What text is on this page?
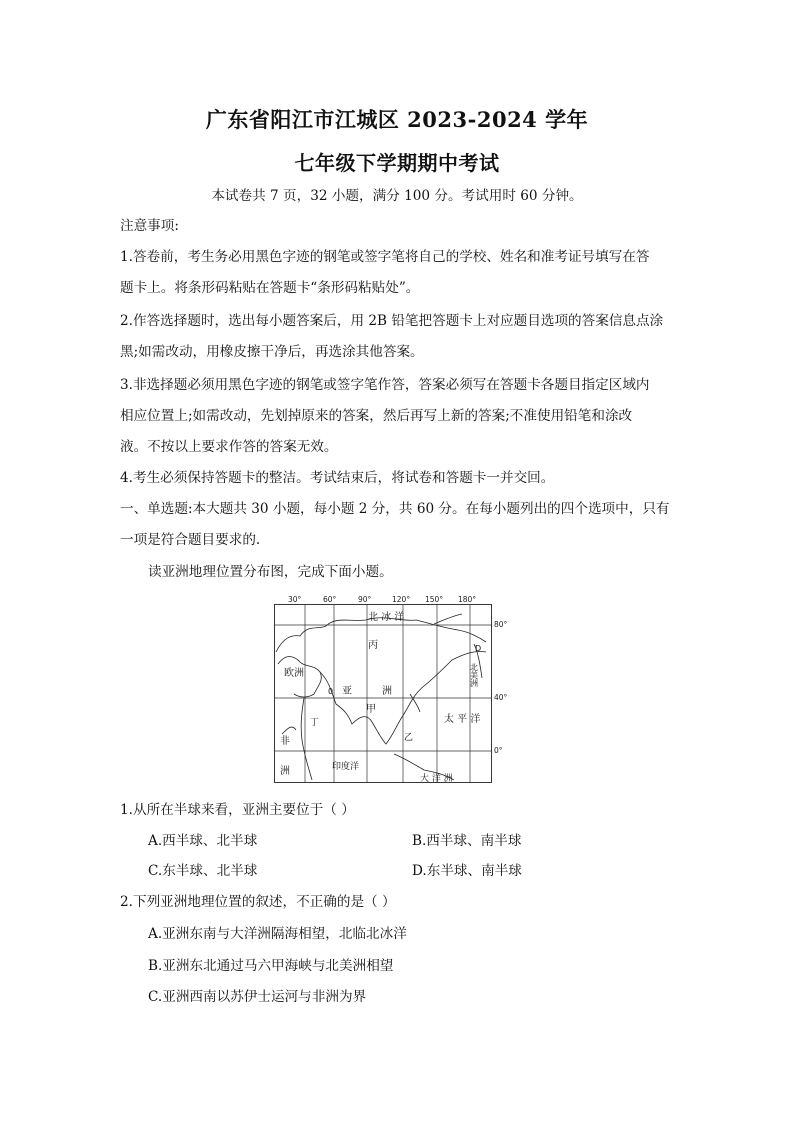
广东省阳江市江城区 2023-2024 学年
七年级下学期期中考试
本试卷共 7 页，32 小题，满分 100 分。考试用时 60 分钟。
注意事项:
1.答卷前，考生务必用黑色字迹的钢笔或签字笔将自己的学校、姓名和准考证号填写在答
题卡上。将条形码粘贴在答题卡“条形码粘贴处”。
2.作答选择题时，选出每小题答案后，用 2B 铅笔把答题卡上对应题目选项的答案信息点涂
黑;如需改动，用橡皮擦干净后，再选涂其他答案。
3.非选择题必须用黑色字迹的钢笔或签字笔作答，答案必须写在答题卡各题目指定区域内
相应位置上;如需改动，先划掉原来的答案，然后再写上新的答案;不准使用铅笔和涂改
液。不按以上要求作答的答案无效。
4.考生必须保持答题卡的整洁。考试结束后，将试卷和答题卡一并交回。
一、单选题:本大题共 30 小题，每小题 2 分，共 60 分。在每小题列出的四个选项中，只有
一项是符合题目要求的.
读亚洲地理位置分布图，完成下面小题。
30°	60°	90°	120° 150° 180°
80°
40°
0°
北 冰 洋
丙	D
北美洲
欧洲
0 亚	洲
甲
丁
乙
太 平 洋
非
洲	印度洋
大 洋 洲
1.从所在半球来看，亚洲主要位于（ ）
A.西半球、北半球	B.西半球、南半球
C.东半球、北半球	D.东半球、南半球
2.下列亚洲地理位置的叙述，不正确的是（ ）
A.亚洲东南与大洋洲隔海相望，北临北冰洋
B.亚洲东北通过马六甲海峡与北美洲相望
C.亚洲西南以苏伊士运河与非洲为界
